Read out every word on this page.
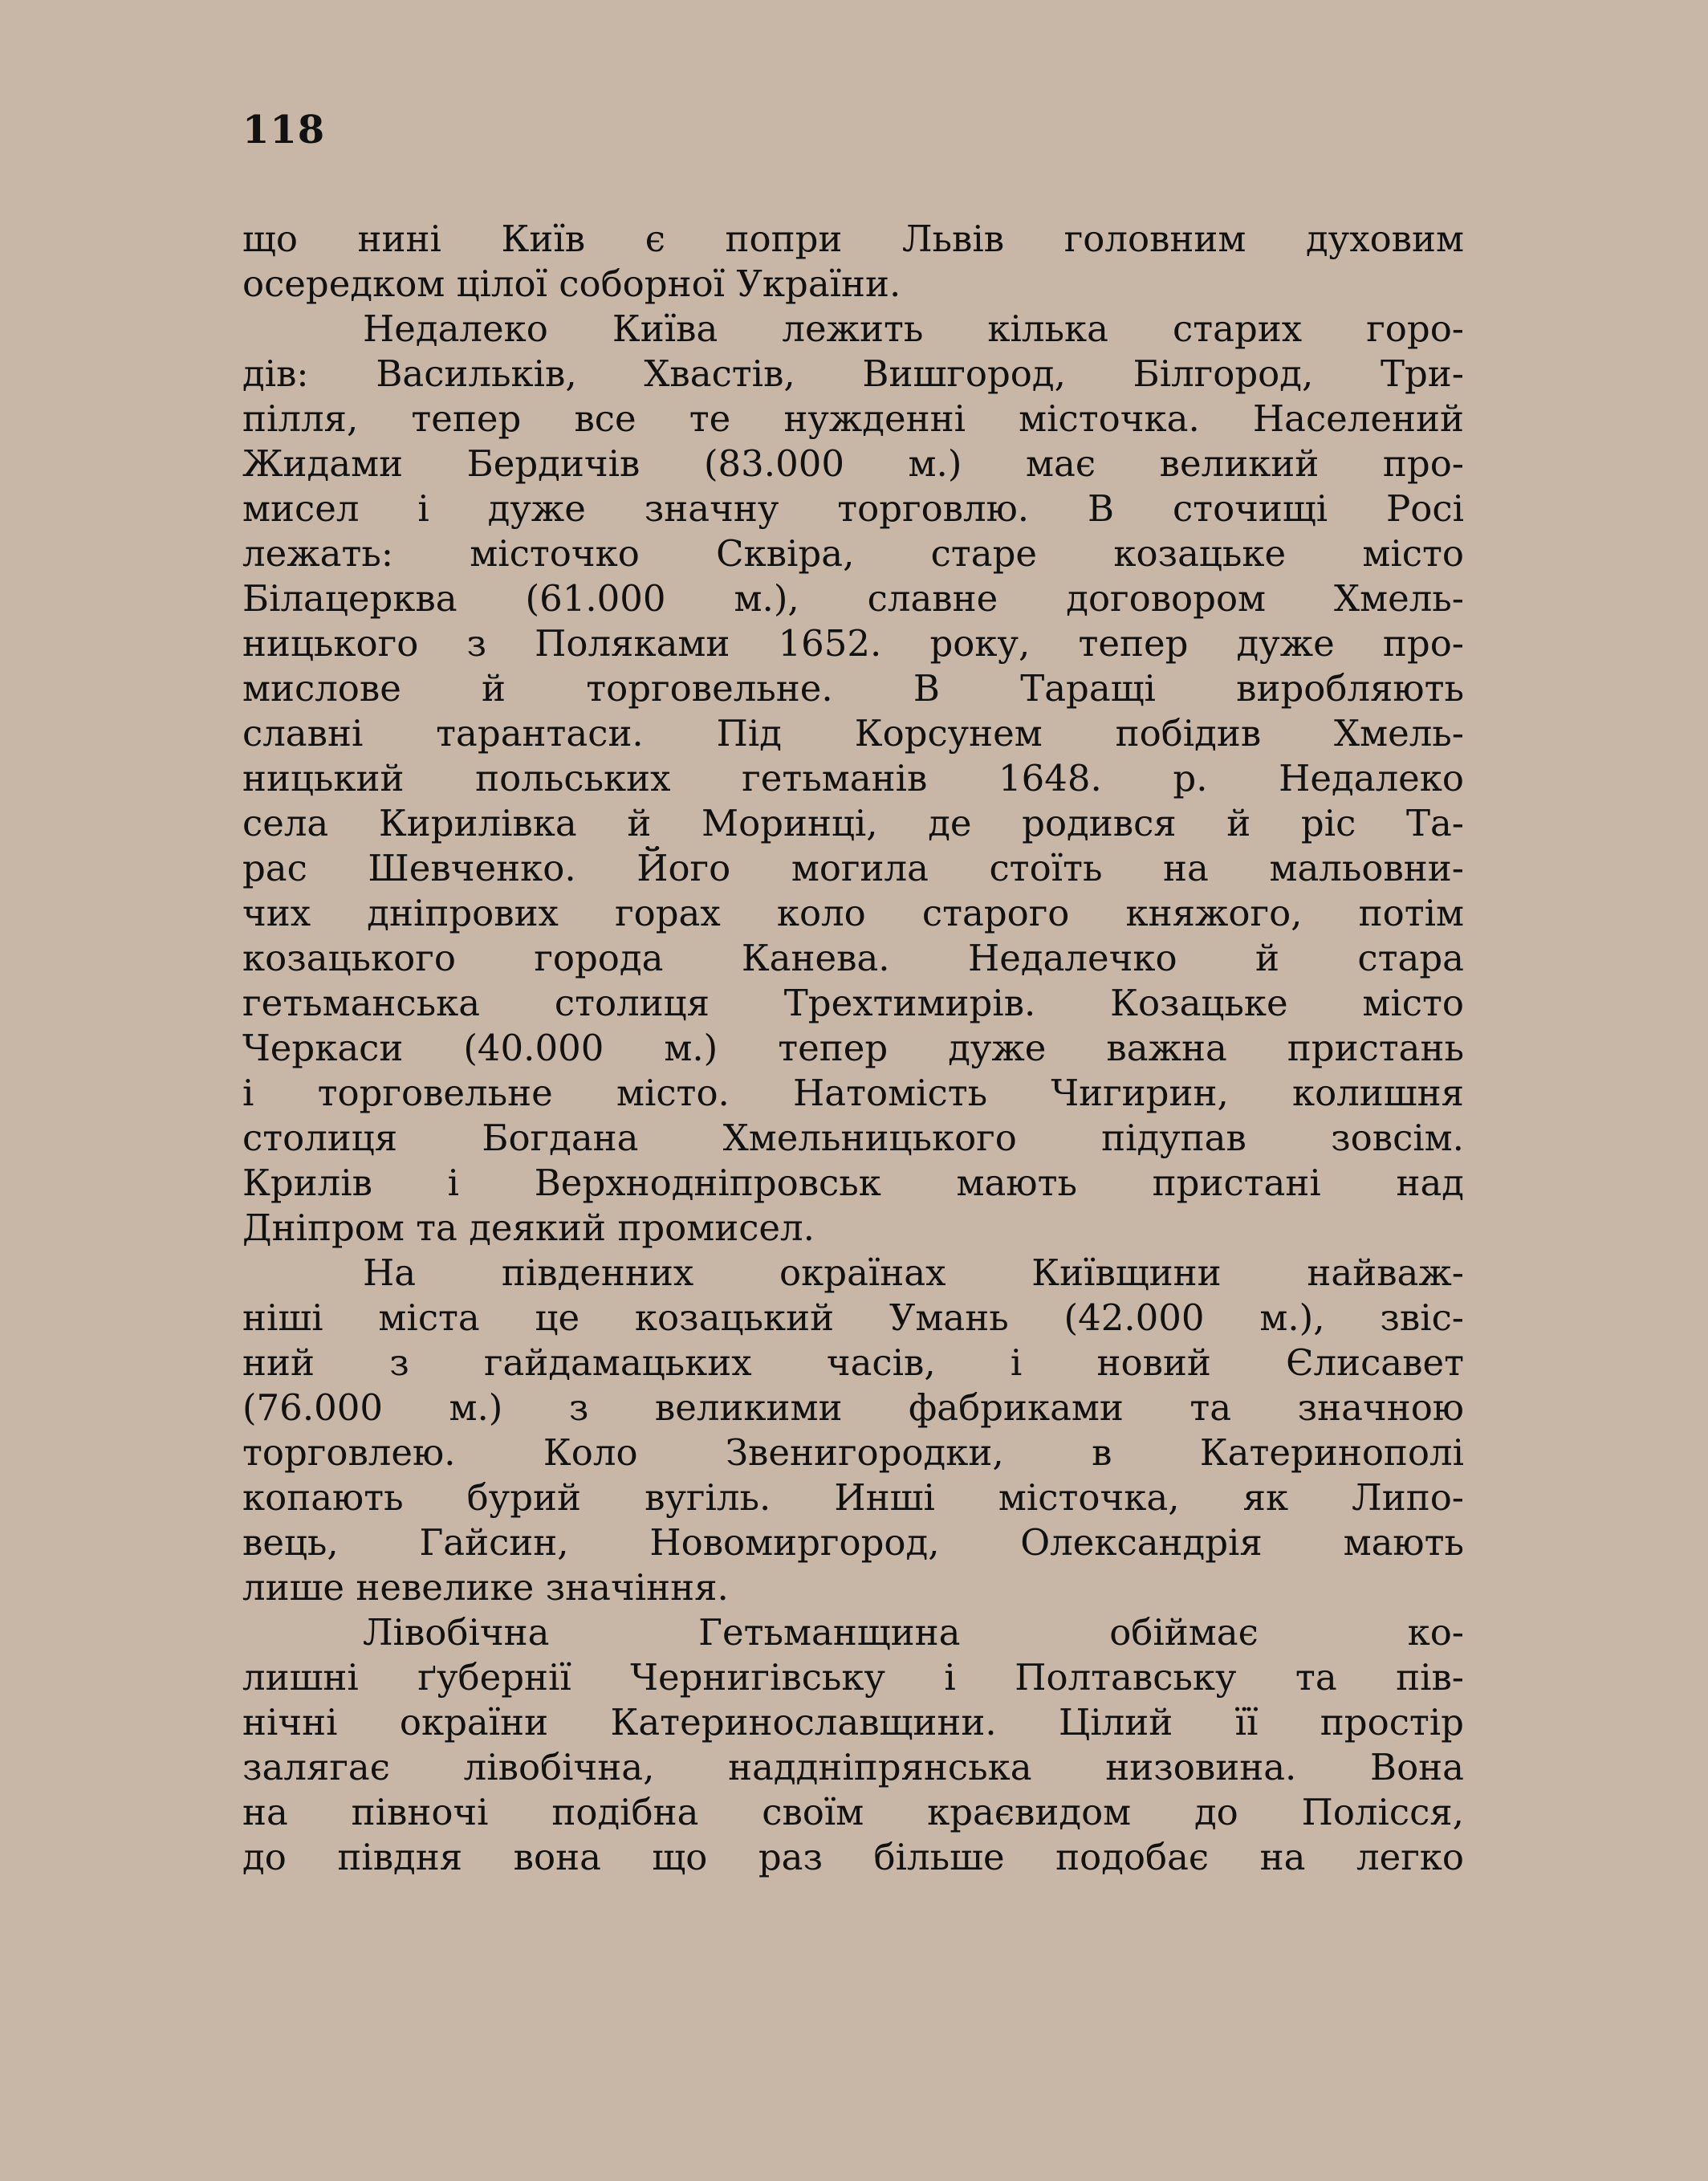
118
що нині Київ є попри Львів головним духовим
осередком цілої соборної України.
Недалеко Київа лежить кілька старих горо-
дів: Васильків, Хвастів, Вишгород, Білгород, Три-
пілля, тепер все те нужденні місточка. Населений
Жидами Бердичів (83.000 м.) має великий про-
мисел і дуже значну торговлю. В сточищі Росі
лежать: місточко Сквіра, старе козацьке місто
Білацерква (61.000 м.), славне договором Хмель-
ницького з Поляками 1652. року, тепер дуже про-
мислове й торговельне. В Таращі виробляють
славні тарантаси. Під Корсунем побідив Хмель-
ницький польських гетьманів 1648. р. Недалеко
села Кирилівка й Моринці, де родився й ріс Та-
рас Шевченко. Його могила стоїть на мальовни-
чих дніпрових горах коло старого княжого, потім
козацького города Канева. Недалечко й стара
гетьманська столиця Трехтимирів. Козацьке місто
Черкаси (40.000 м.) тепер дуже важна пристань
і торговельне місто. Натомість Чигирин, колишня
столиця Богдана Хмельницького підупав зовсім.
Крилів і Верхнодніпровськ мають пристані над
Дніпром та деякий промисел.
На південних окраїнах Київщини найваж-
ніші міста це козацький Умань (42.000 м.), звіс-
ний з гайдамацьких часів, і новий Єлисавет
(76.000 м.) з великими фабриками та значною
торговлею. Коло Звенигородки, в Катеринополі
копають бурий вугіль. Инші місточка, як Липо-
вець, Гайсин, Новомиргород, Олександрія мають
лише невелике значіння.
Лівобічна Гетьманщина обіймає ко-
лишні ґубернії Чернигівську і Полтавську та пів-
нічні окраїни Катеринославщини. Цілий її простір
залягає лівобічна, наддніпрянська низовина. Вона
на півночі подібна своїм краєвидом до Полісся,
до півдня вона що раз більше подобає на легко
